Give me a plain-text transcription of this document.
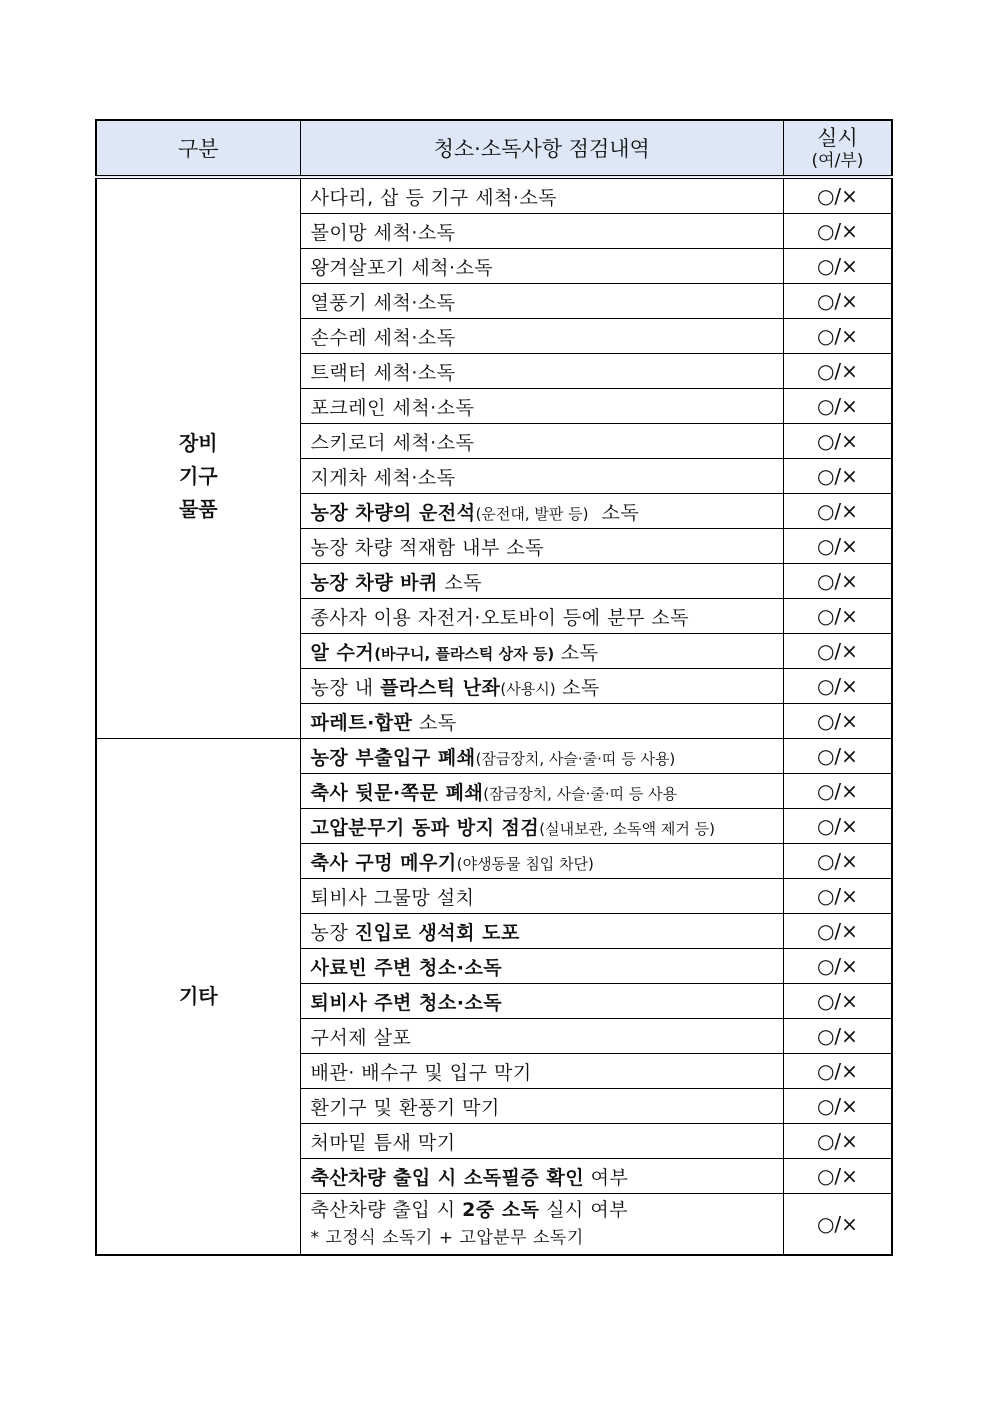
구분	청소·소독사항 점검내역	실시
(여/부)

장비
기구
물품	사다리, 삽 등 기구 세척·소독	○/×
	몰이망 세척·소독	○/×
	왕겨살포기 세척·소독	○/×
	열풍기 세척·소독	○/×
	손수레 세척·소독	○/×
	트랙터 세척·소독	○/×
	포크레인 세척·소독	○/×
	스키로더 세척·소독	○/×
	지게차 세척·소독	○/×
	농장 차량의 운전석(운전대, 발판 등)  소독	○/×
	농장 차량 적재함 내부 소독	○/×
	농장 차량 바퀴 소독	○/×
	종사자 이용 자전거·오토바이 등에 분무 소독	○/×
	알 수거(바구니, 플라스틱 상자 등) 소독	○/×
	농장 내 플라스틱 난좌(사용시) 소독	○/×
	파레트·합판 소독	○/×

기타	농장 부출입구 폐쇄(잠금장치, 사슬·줄·띠 등 사용)	○/×
	축사 뒷문·쪽문 폐쇄(잠금장치, 사슬·줄·띠 등 사용	○/×
	고압분무기 동파 방지 점검(실내보관, 소독액 제거 등)	○/×
	축사 구멍 메우기(야생동물 침입 차단)	○/×
	퇴비사 그물망 설치	○/×
	농장 진입로 생석회 도포	○/×
	사료빈 주변 청소·소독	○/×
	퇴비사 주변 청소·소독	○/×
	구서제 살포	○/×
	배관· 배수구 및 입구 막기	○/×
	환기구 및 환풍기 막기	○/×
	처마밑 틈새 막기	○/×
	축산차량 출입 시 소독필증 확인 여부	○/×
	축산차량 출입 시 2중 소독 실시 여부
* 고정식 소독기 + 고압분무 소독기	○/×
